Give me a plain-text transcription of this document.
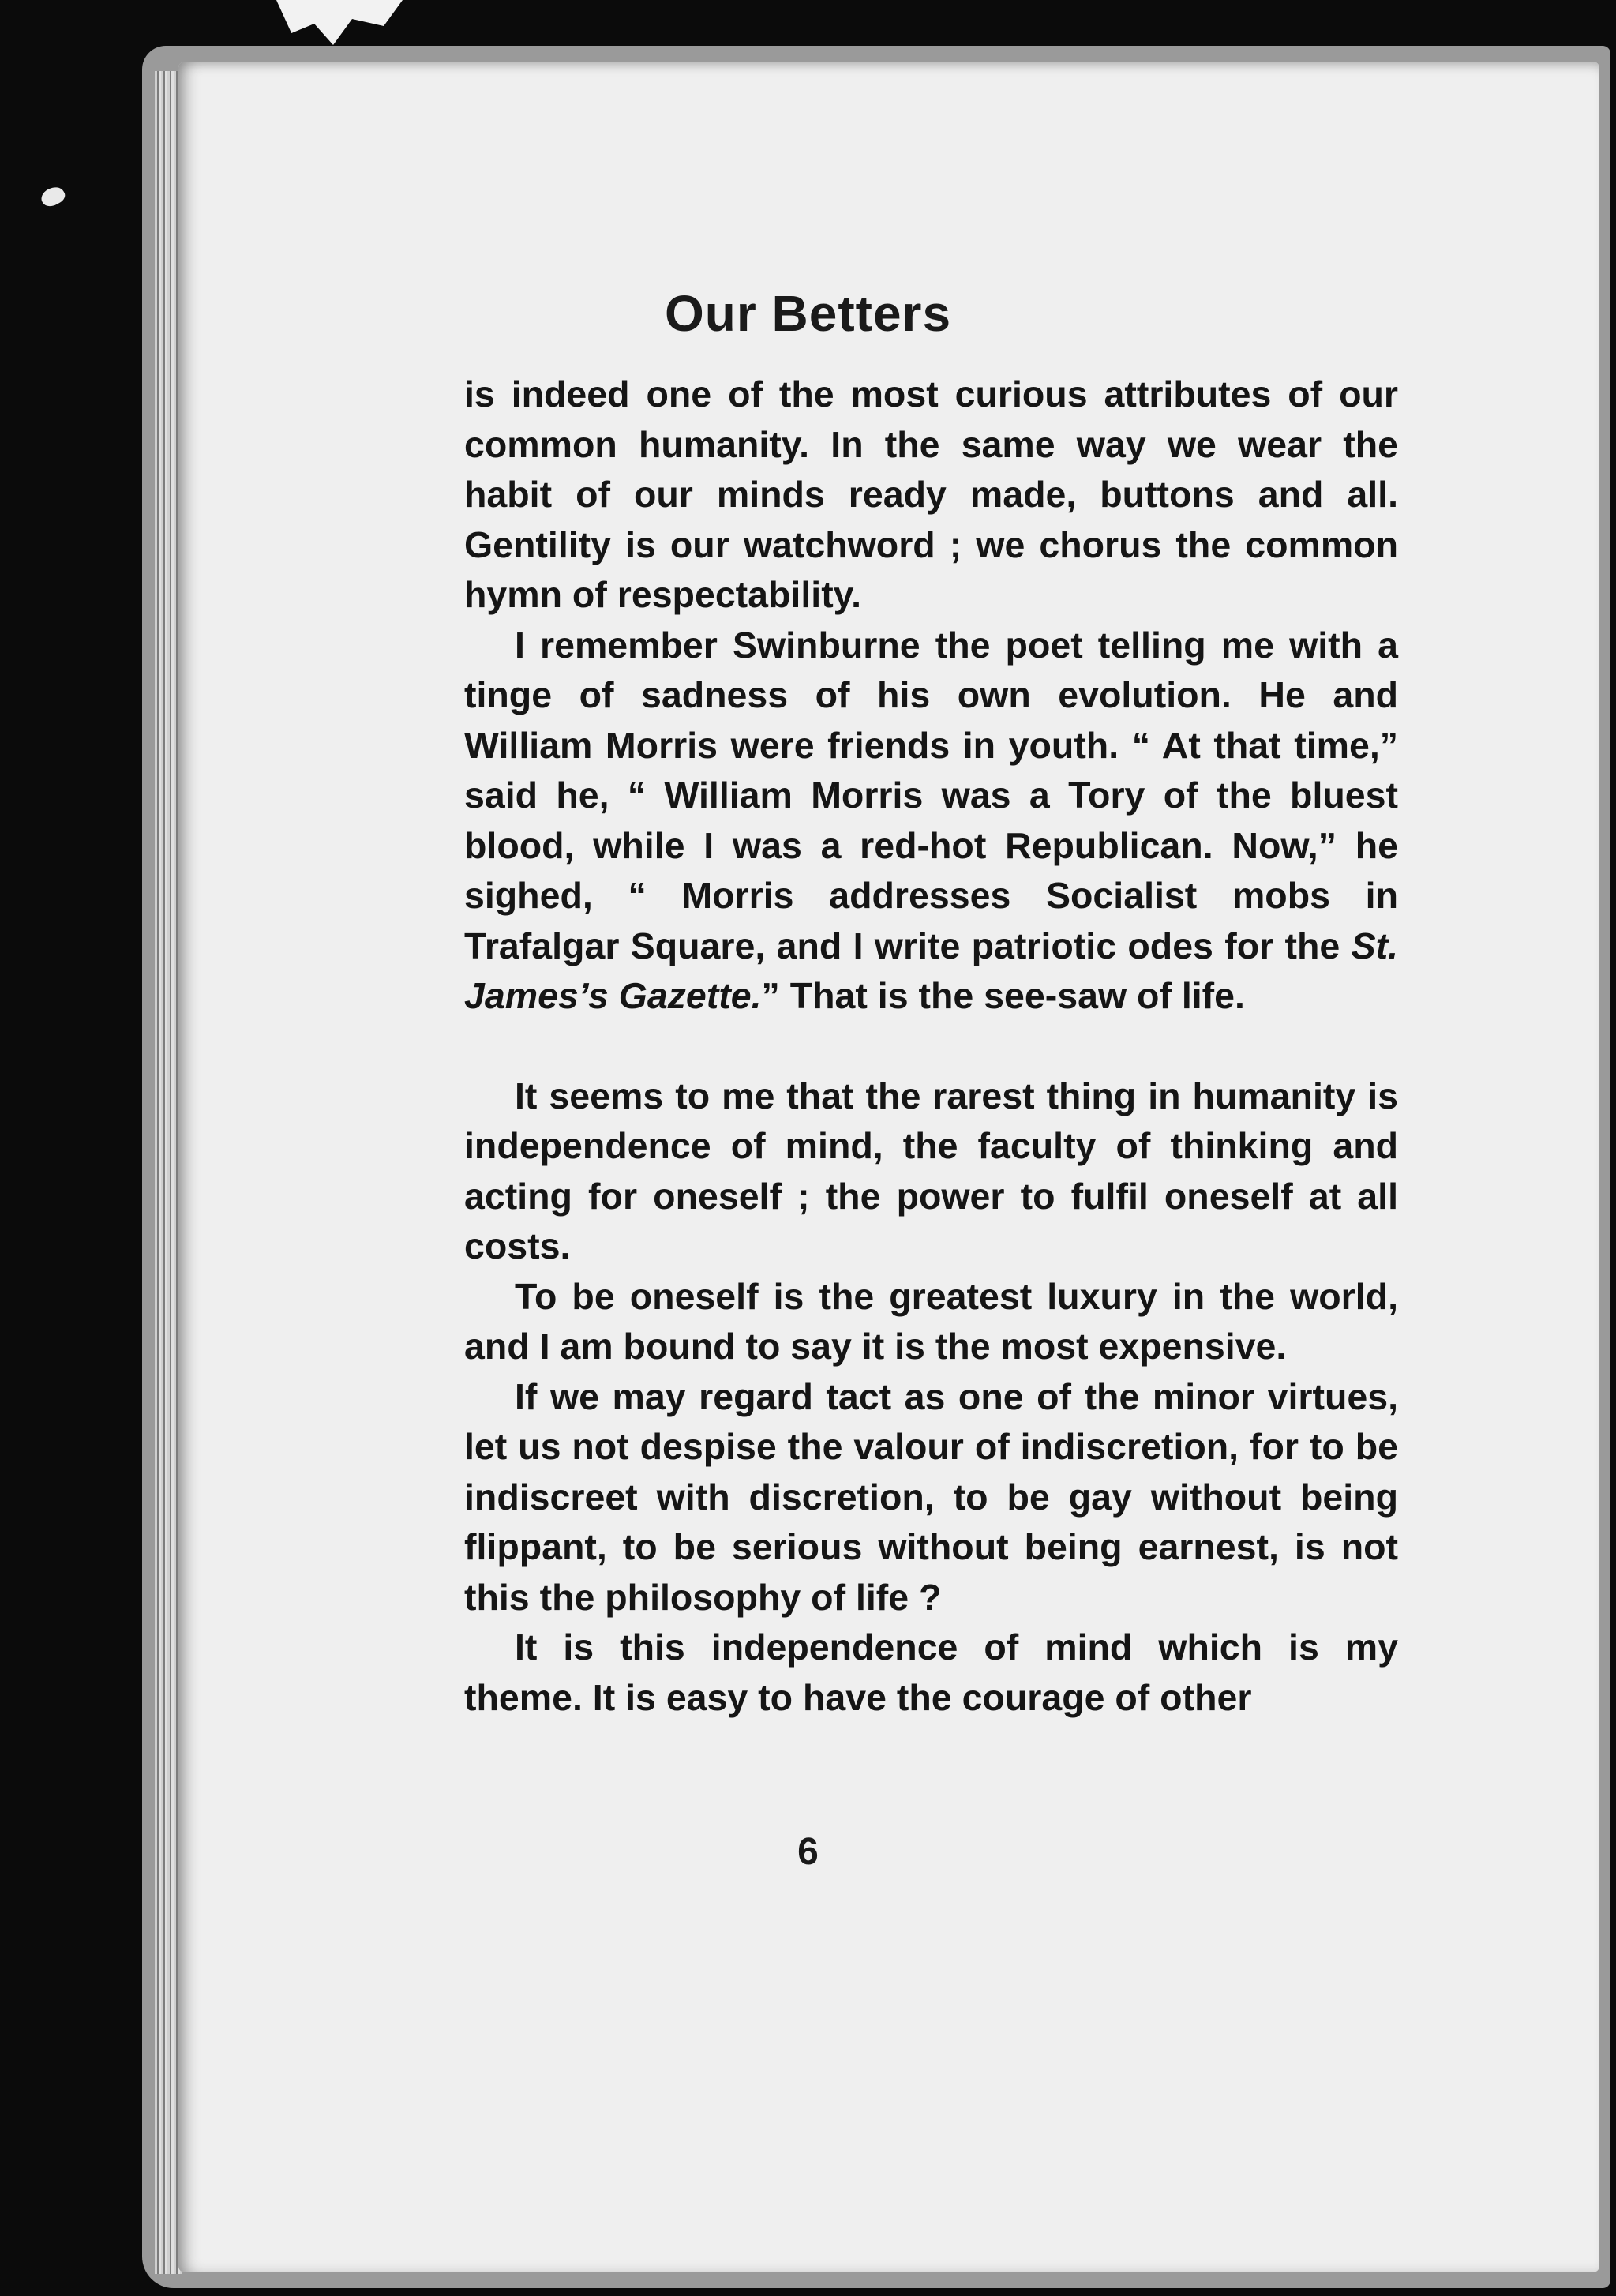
Our Betters

is indeed one of the most curious attributes of our common humanity. In the same way we wear the habit of our minds ready made, buttons and all. Gentility is our watchword ; we chorus the common hymn of respectability.

I remember Swinburne the poet telling me with a tinge of sadness of his own evolution. He and William Morris were friends in youth. “ At that time,” said he, “ William Morris was a Tory of the bluest blood, while I was a red-hot Republican. Now,” he sighed, “ Morris addresses Socialist mobs in Trafalgar Square, and I write patriotic odes for the St. James’s Gazette.” That is the see-saw of life.

It seems to me that the rarest thing in humanity is independence of mind, the faculty of thinking and acting for oneself ; the power to fulfil oneself at all costs.

To be oneself is the greatest luxury in the world, and I am bound to say it is the most expensive.

If we may regard tact as one of the minor virtues, let us not despise the valour of indiscretion, for to be indiscreet with discretion, to be gay without being flippant, to be serious without being earnest, is not this the philosophy of life ?

It is this independence of mind which is my theme. It is easy to have the courage of other

6
